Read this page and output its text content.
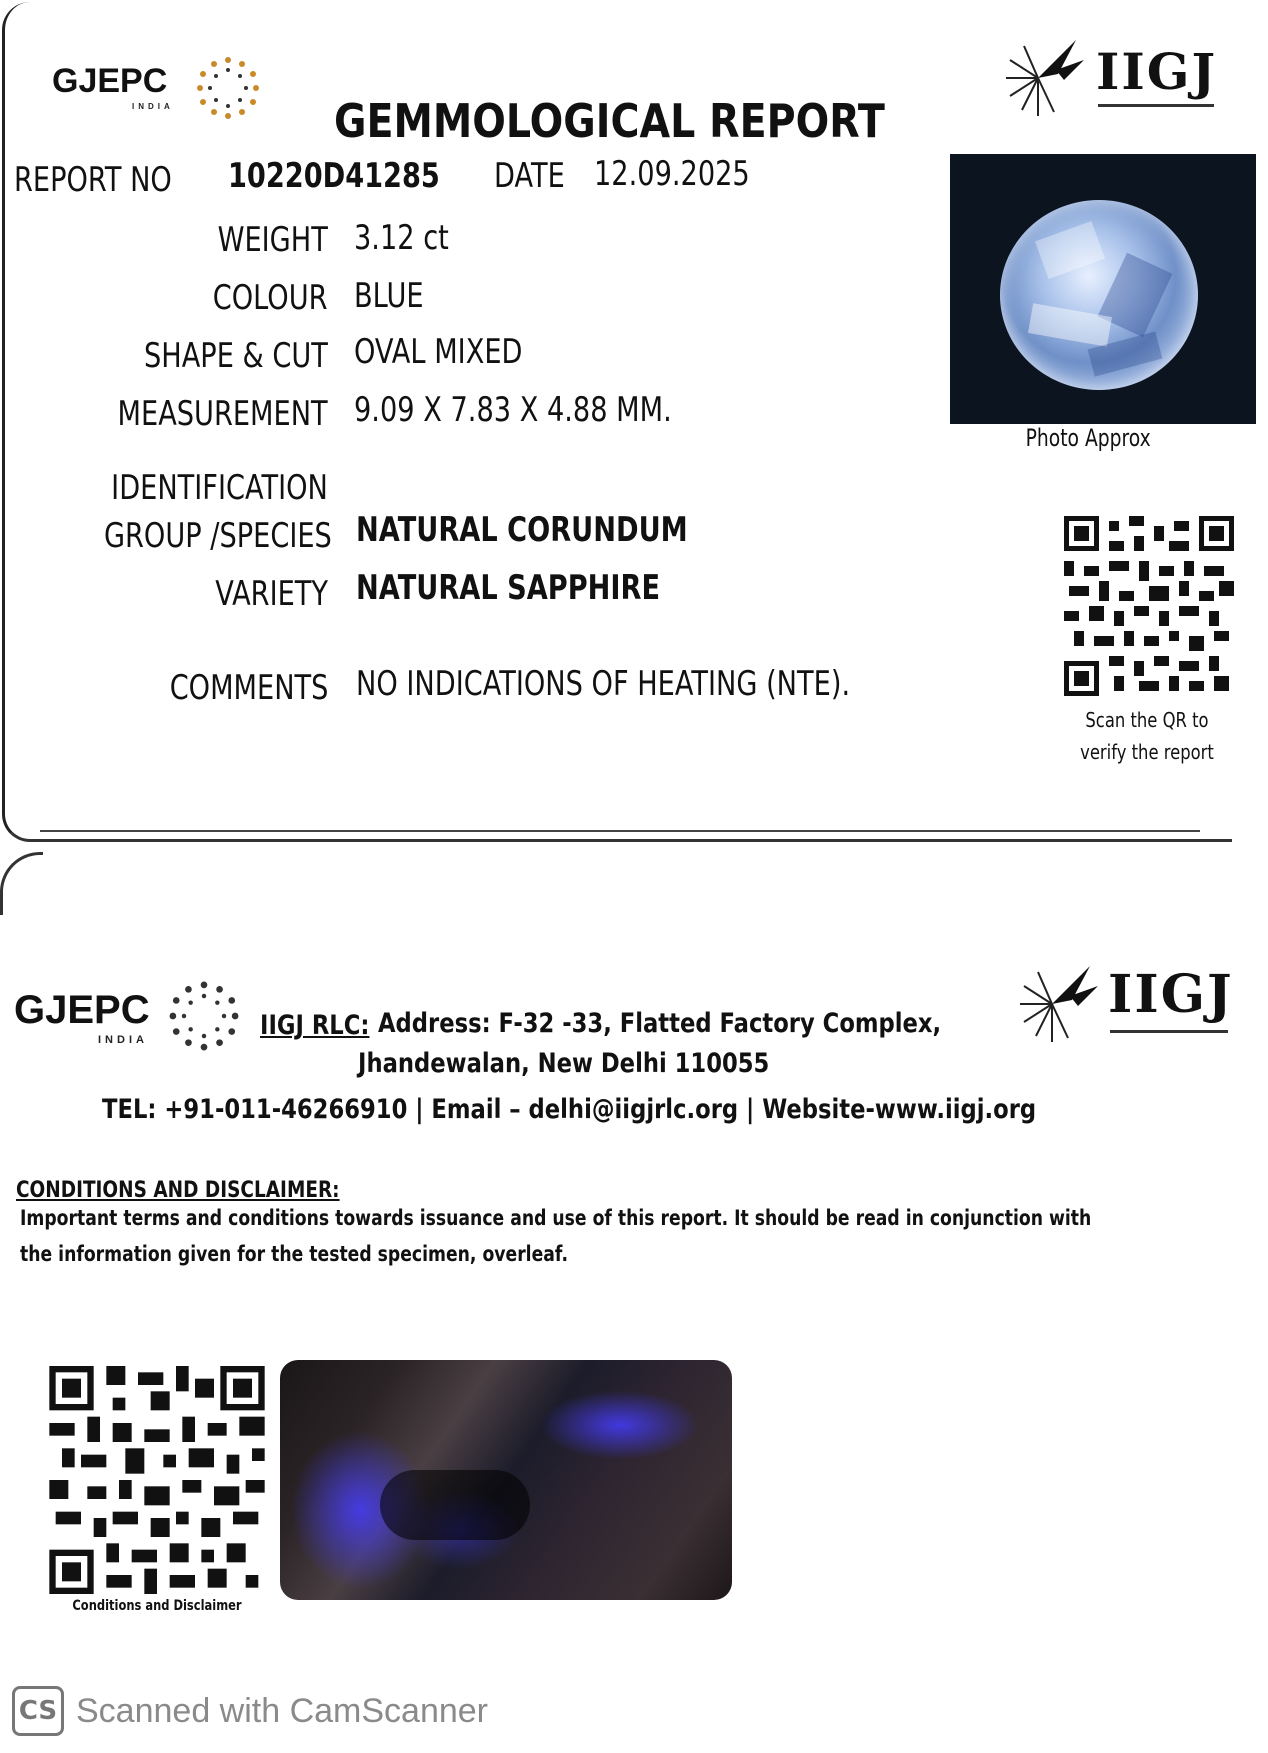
GJEPC
INDIA
IIGJ
GEMMOLOGICAL REPORT
REPORT NO 10220D41285 DATE 12.09.2025
WEIGHT 3.12 ct
COLOUR BLUE
SHAPE & CUT OVAL MIXED
MEASUREMENT 9.09 X 7.83 X 4.88 MM.
IDENTIFICATION
GROUP /SPECIES NATURAL CORUNDUM
VARIETY NATURAL SAPPHIRE
COMMENTS NO INDICATIONS OF HEATING (NTE).
Photo Approx
Scan the QR to
verify the report
GJEPC
INDIA
IIGJ
IIGJ RLC: Address: F-32 -33, Flatted Factory Complex,
Jhandewalan, New Delhi 110055
TEL: +91-011-46266910 | Email – delhi@iigjrlc.org | Website-www.iigj.org
CONDITIONS AND DISCLAIMER:
Important terms and conditions towards issuance and use of this report. It should be read in conjunction with
the information given for the tested specimen, overleaf.
Conditions and Disclaimer
CS Scanned with CamScanner
